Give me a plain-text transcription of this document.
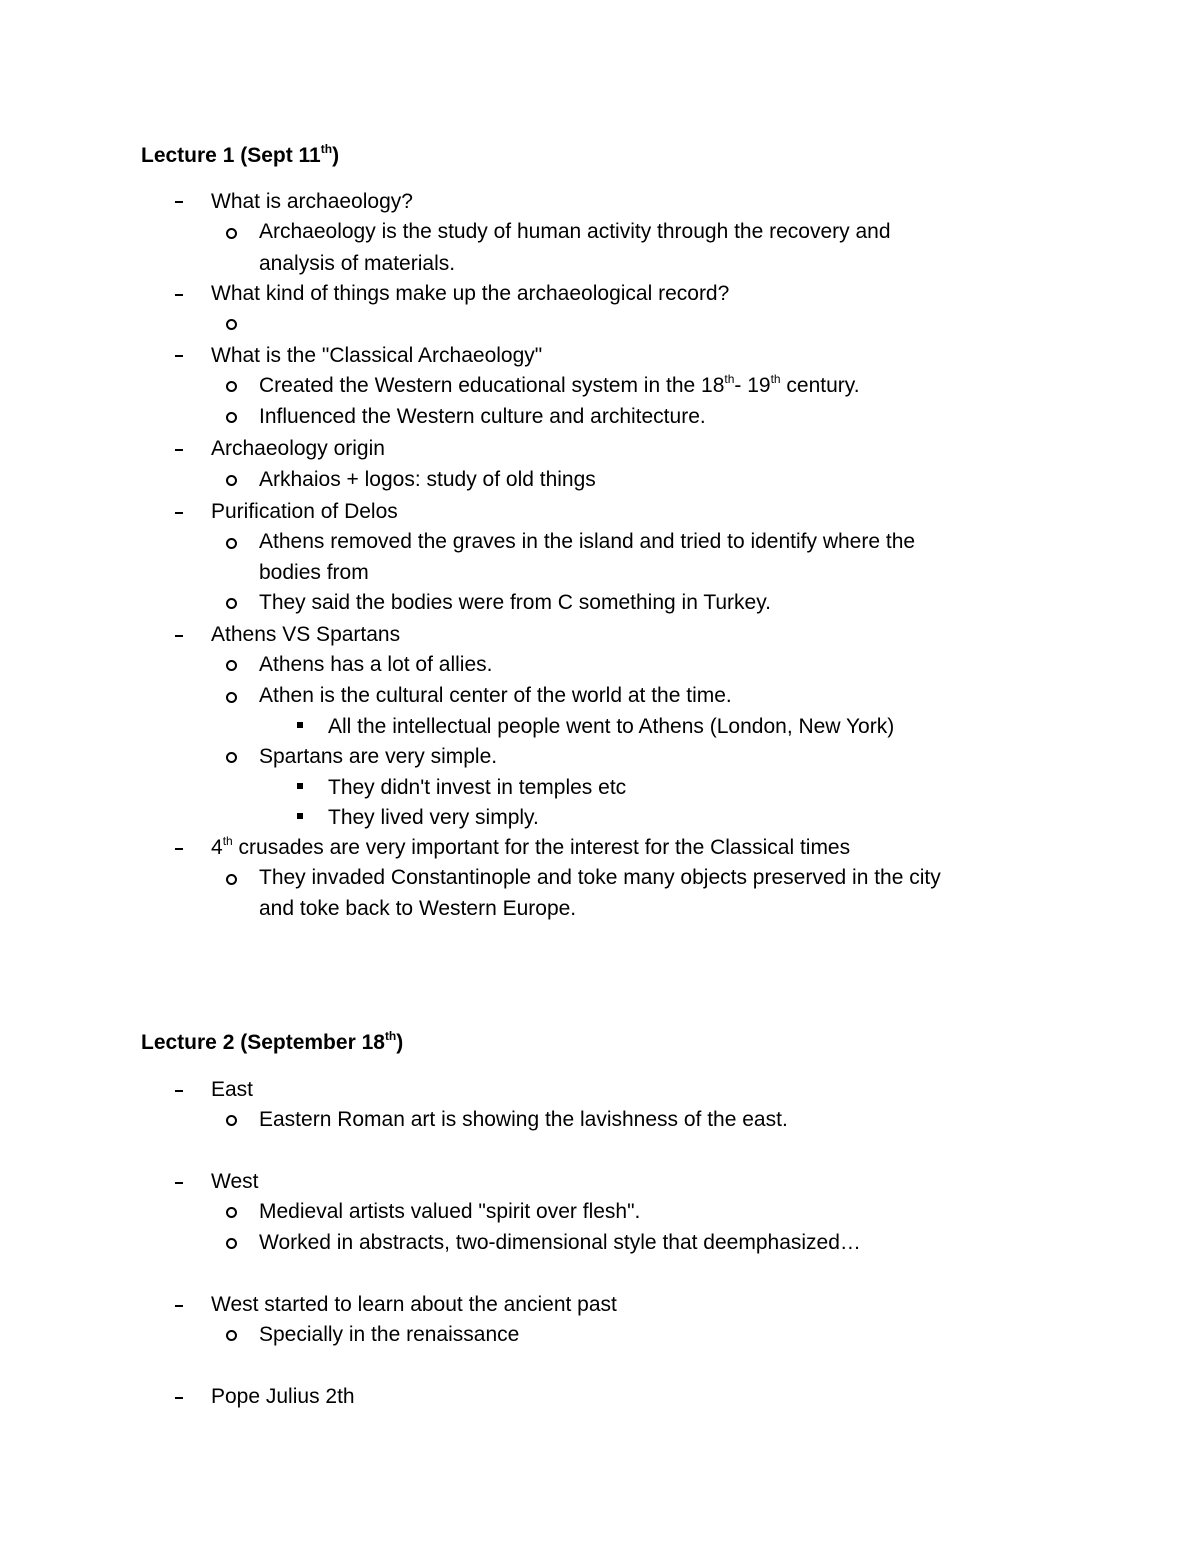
Lecture 1 (Sept 11th)
What is archaeology?
Archaeology is the study of human activity through the recovery and
analysis of materials.
What kind of things make up the archaeological record?
What is the "Classical Archaeology"
Created the Western educational system in the 18th- 19th century.
Influenced the Western culture and architecture.
Archaeology origin
Arkhaios + logos: study of old things
Purification of Delos
Athens removed the graves in the island and tried to identify where the
bodies from
They said the bodies were from C something in Turkey.
Athens VS Spartans
Athens has a lot of allies.
Athen is the cultural center of the world at the time.
All the intellectual people went to Athens (London, New York)
Spartans are very simple.
They didn't invest in temples etc
They lived very simply.
4th crusades are very important for the interest for the Classical times
They invaded Constantinople and toke many objects preserved in the city
and toke back to Western Europe.
Lecture 2 (September 18th)
East
Eastern Roman art is showing the lavishness of the east.
West
Medieval artists valued "spirit over flesh".
Worked in abstracts, two-dimensional style that deemphasized…
West started to learn about the ancient past
Specially in the renaissance
Pope Julius 2th
